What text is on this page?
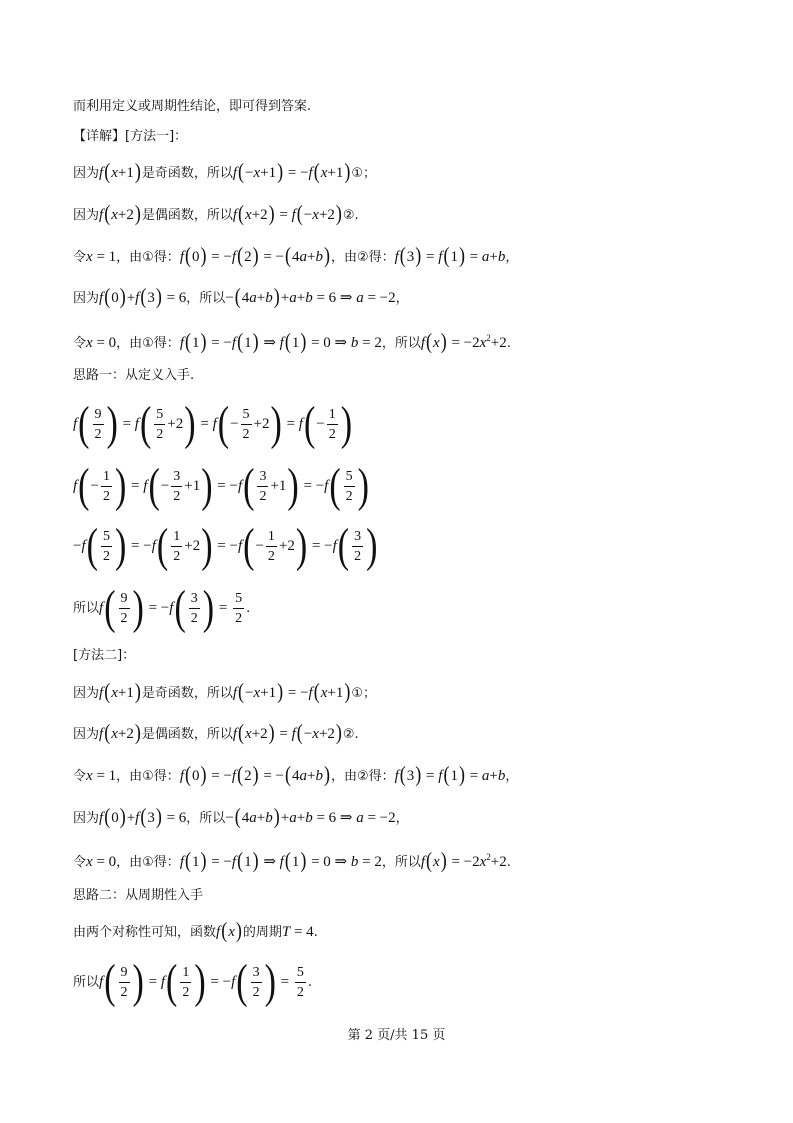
而利用定义或周期性结论，即可得到答案.
【详解】[方法一]：
因为f(x+1)是奇函数，所以f(−x+1) = −f(x+1)①；
因为f(x+2)是偶函数，所以f(x+2) = f(−x+2)②.
令x = 1，由①得：f(0) = −f(2) = −(4a+b)，由②得：f(3) = f(1) = a+b，
因为f(0)+f(3) = 6，所以−(4a+b)+a+b = 6 ⇒ a = −2，
令x = 0，由①得：f(1) = −f(1) ⇒ f(1) = 0 ⇒ b = 2，所以$f(x) = -2x^2+2$.
思路一：从定义入手.
$f( \frac{9}{2}$ ) = $f( \frac{5}{2} +2) = f(- \frac{5}{2} +2) = f(- \frac{1}{2}$ )
$f(- \frac{1}{2}$ ) = $f(- \frac{3}{2} +1) = -f( \frac{3}{2} +1) = -f( \frac{5}{2}$ )
$-f( \frac{5}{2}$ ) = $-f( \frac{1}{2} +2) = -f(- \frac{1}{2} +2) = -f( \frac{3}{2}$ )
所以$f( \frac{9}{2}$ ) = $-f( \frac{3}{2}$ ) = $\frac{5}{2}$ .
[方法二]：
因为f(x+1)是奇函数，所以f(−x+1) = −f(x+1)①；
因为f(x+2)是偶函数，所以f(x+2) = f(−x+2)②.
令x = 1，由①得：f(0) = −f(2) = −(4a+b)，由②得：f(3) = f(1) = a+b，
因为f(0)+f(3) = 6，所以−(4a+b)+a+b = 6 ⇒ a = −2，
令x = 0，由①得：f(1) = −f(1) ⇒ f(1) = 0 ⇒ b = 2，所以$f(x) = -2x^2+2$.
思路二：从周期性入手
由两个对称性可知，函数f(x)的周期T = 4.
所以$f( \frac{9}{2}$ ) = $f( \frac{1}{2}$ ) = $-f( \frac{3}{2}$ ) = $\frac{5}{2}$ .
第 2 页/共 15 页
